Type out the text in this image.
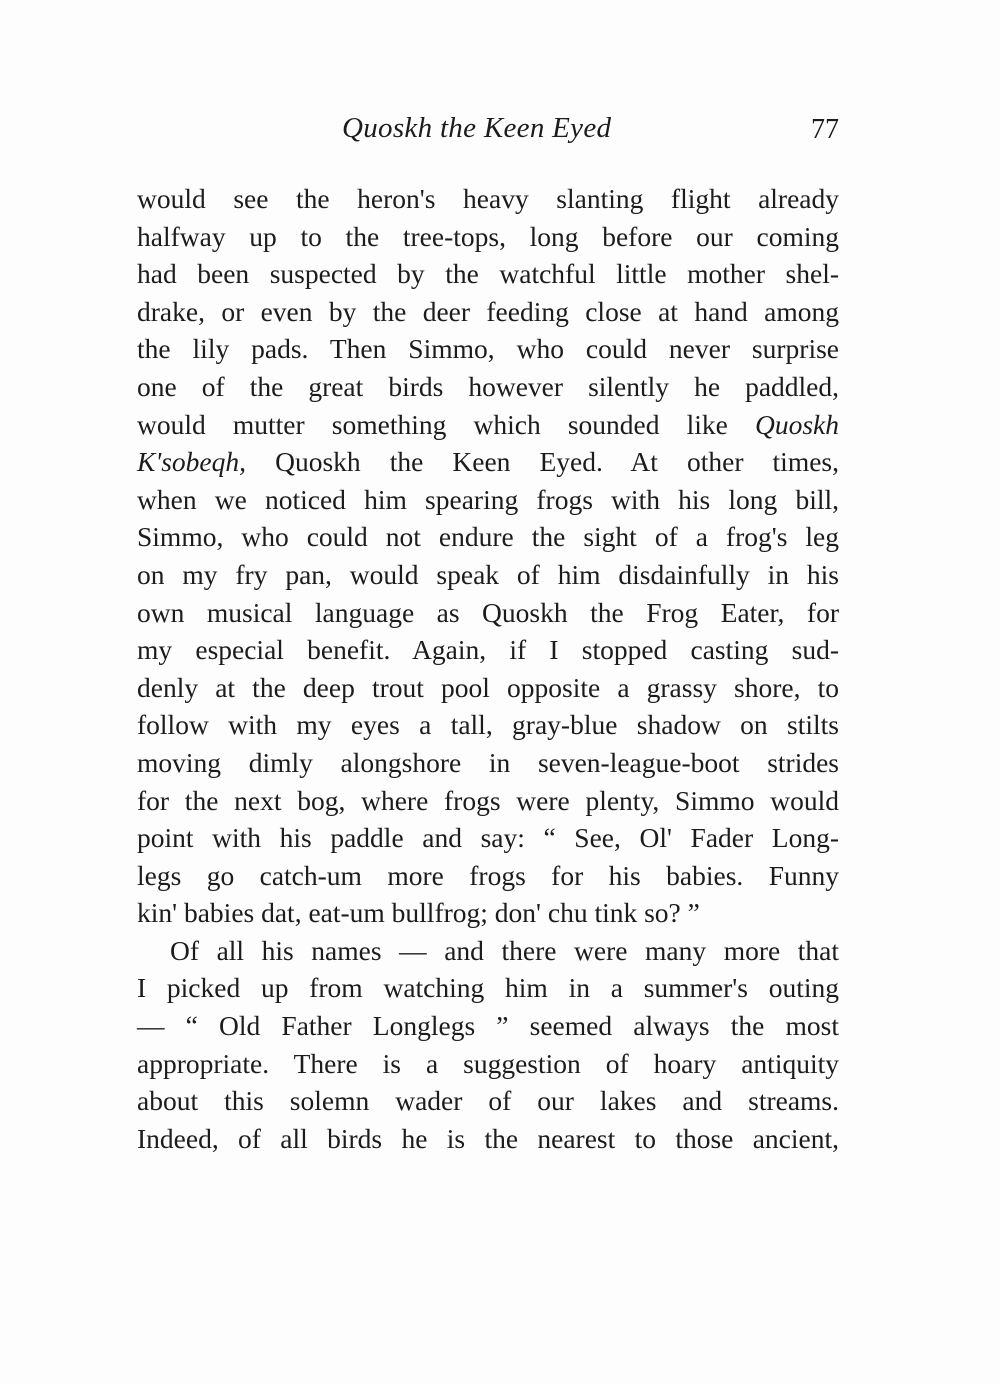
Quoskh the Keen Eyed	77
would see the heron's heavy slanting flight already
halfway up to the tree-tops, long before our coming
had been suspected by the watchful little mother shel-
drake, or even by the deer feeding close at hand among
the lily pads. Then Simmo, who could never surprise
one of the great birds however silently he paddled,
would mutter something which sounded like Quoskh
K'sobeqh, Quoskh the Keen Eyed. At other times,
when we noticed him spearing frogs with his long bill,
Simmo, who could not endure the sight of a frog's leg
on my fry pan, would speak of him disdainfully in his
own musical language as Quoskh the Frog Eater, for
my especial benefit. Again, if I stopped casting sud-
denly at the deep trout pool opposite a grassy shore, to
follow with my eyes a tall, gray-blue shadow on stilts
moving dimly alongshore in seven-league-boot strides
for the next bog, where frogs were plenty, Simmo would
point with his paddle and say: “ See, Ol' Fader Long-
legs go catch-um more frogs for his babies. Funny
kin' babies dat, eat-um bullfrog; don' chu tink so? ”
Of all his names — and there were many more that
I picked up from watching him in a summer's outing
— “ Old Father Longlegs ” seemed always the most
appropriate. There is a suggestion of hoary antiquity
about this solemn wader of our lakes and streams.
Indeed, of all birds he is the nearest to those ancient,
